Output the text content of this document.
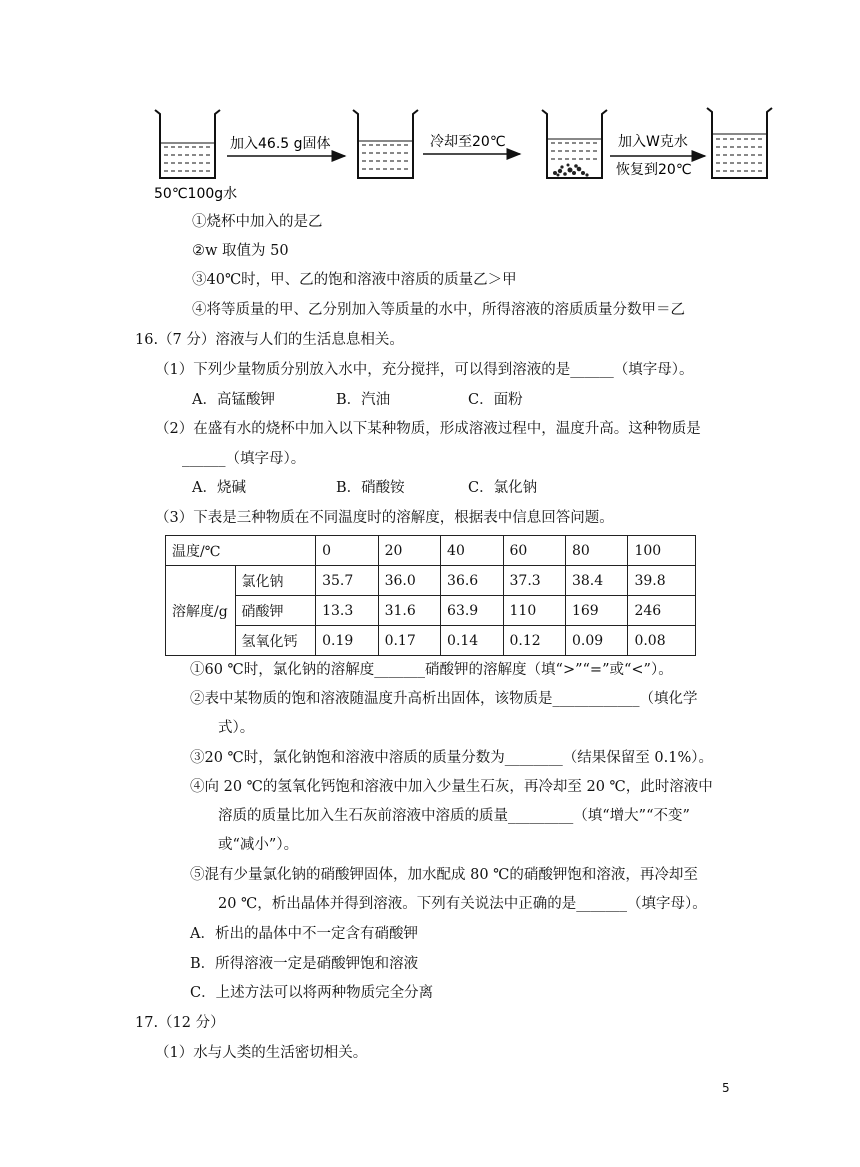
50℃100g水
加入46.5 g固体	冷却至20℃	加入W克水
恢复到20℃
①烧杯中加入的是乙
②w 取值为 50
③40℃时，甲、乙的饱和溶液中溶质的质量乙＞甲
④将等质量的甲、乙分别加入等质量的水中，所得溶液的溶质质量分数甲＝乙
16.（7 分）溶液与人们的生活息息相关。
（1）下列少量物质分别放入水中，充分搅拌，可以得到溶液的是______（填字母）。
A．高锰酸钾	B．汽油	C．面粉
（2）在盛有水的烧杯中加入以下某种物质，形成溶液过程中，温度升高。这种物质是
______（填字母）。
A．烧碱	B．硝酸铵	C．氯化钠
（3）下表是三种物质在不同温度时的溶解度，根据表中信息回答问题。
温度/℃		0	20	40	60	80	100
溶解度/g	氯化钠	35.7	36.0	36.6	37.3	38.4	39.8
	硝酸钾	13.3	31.6	63.9	110	169	246
	氢氧化钙	0.19	0.17	0.14	0.12	0.09	0.08
①60 ℃时，氯化钠的溶解度_______硝酸钾的溶解度（填“>”“=”或“<”）。
②表中某物质的饱和溶液随温度升高析出固体，该物质是____________（填化学
式）。
③20 ℃时，氯化钠饱和溶液中溶质的质量分数为________（结果保留至 0.1%）。
④向 20 ℃的氢氧化钙饱和溶液中加入少量生石灰，再冷却至 20 ℃，此时溶液中
溶质的质量比加入生石灰前溶液中溶质的质量_________（填“增大”“不变”
或“减小”）。
⑤混有少量氯化钠的硝酸钾固体，加水配成 80 ℃的硝酸钾饱和溶液，再冷却至
20 ℃，析出晶体并得到溶液。下列有关说法中正确的是_______（填字母）。
A．析出的晶体中不一定含有硝酸钾
B．所得溶液一定是硝酸钾饱和溶液
C．上述方法可以将两种物质完全分离
17.（12 分）
（1）水与人类的生活密切相关。
5
